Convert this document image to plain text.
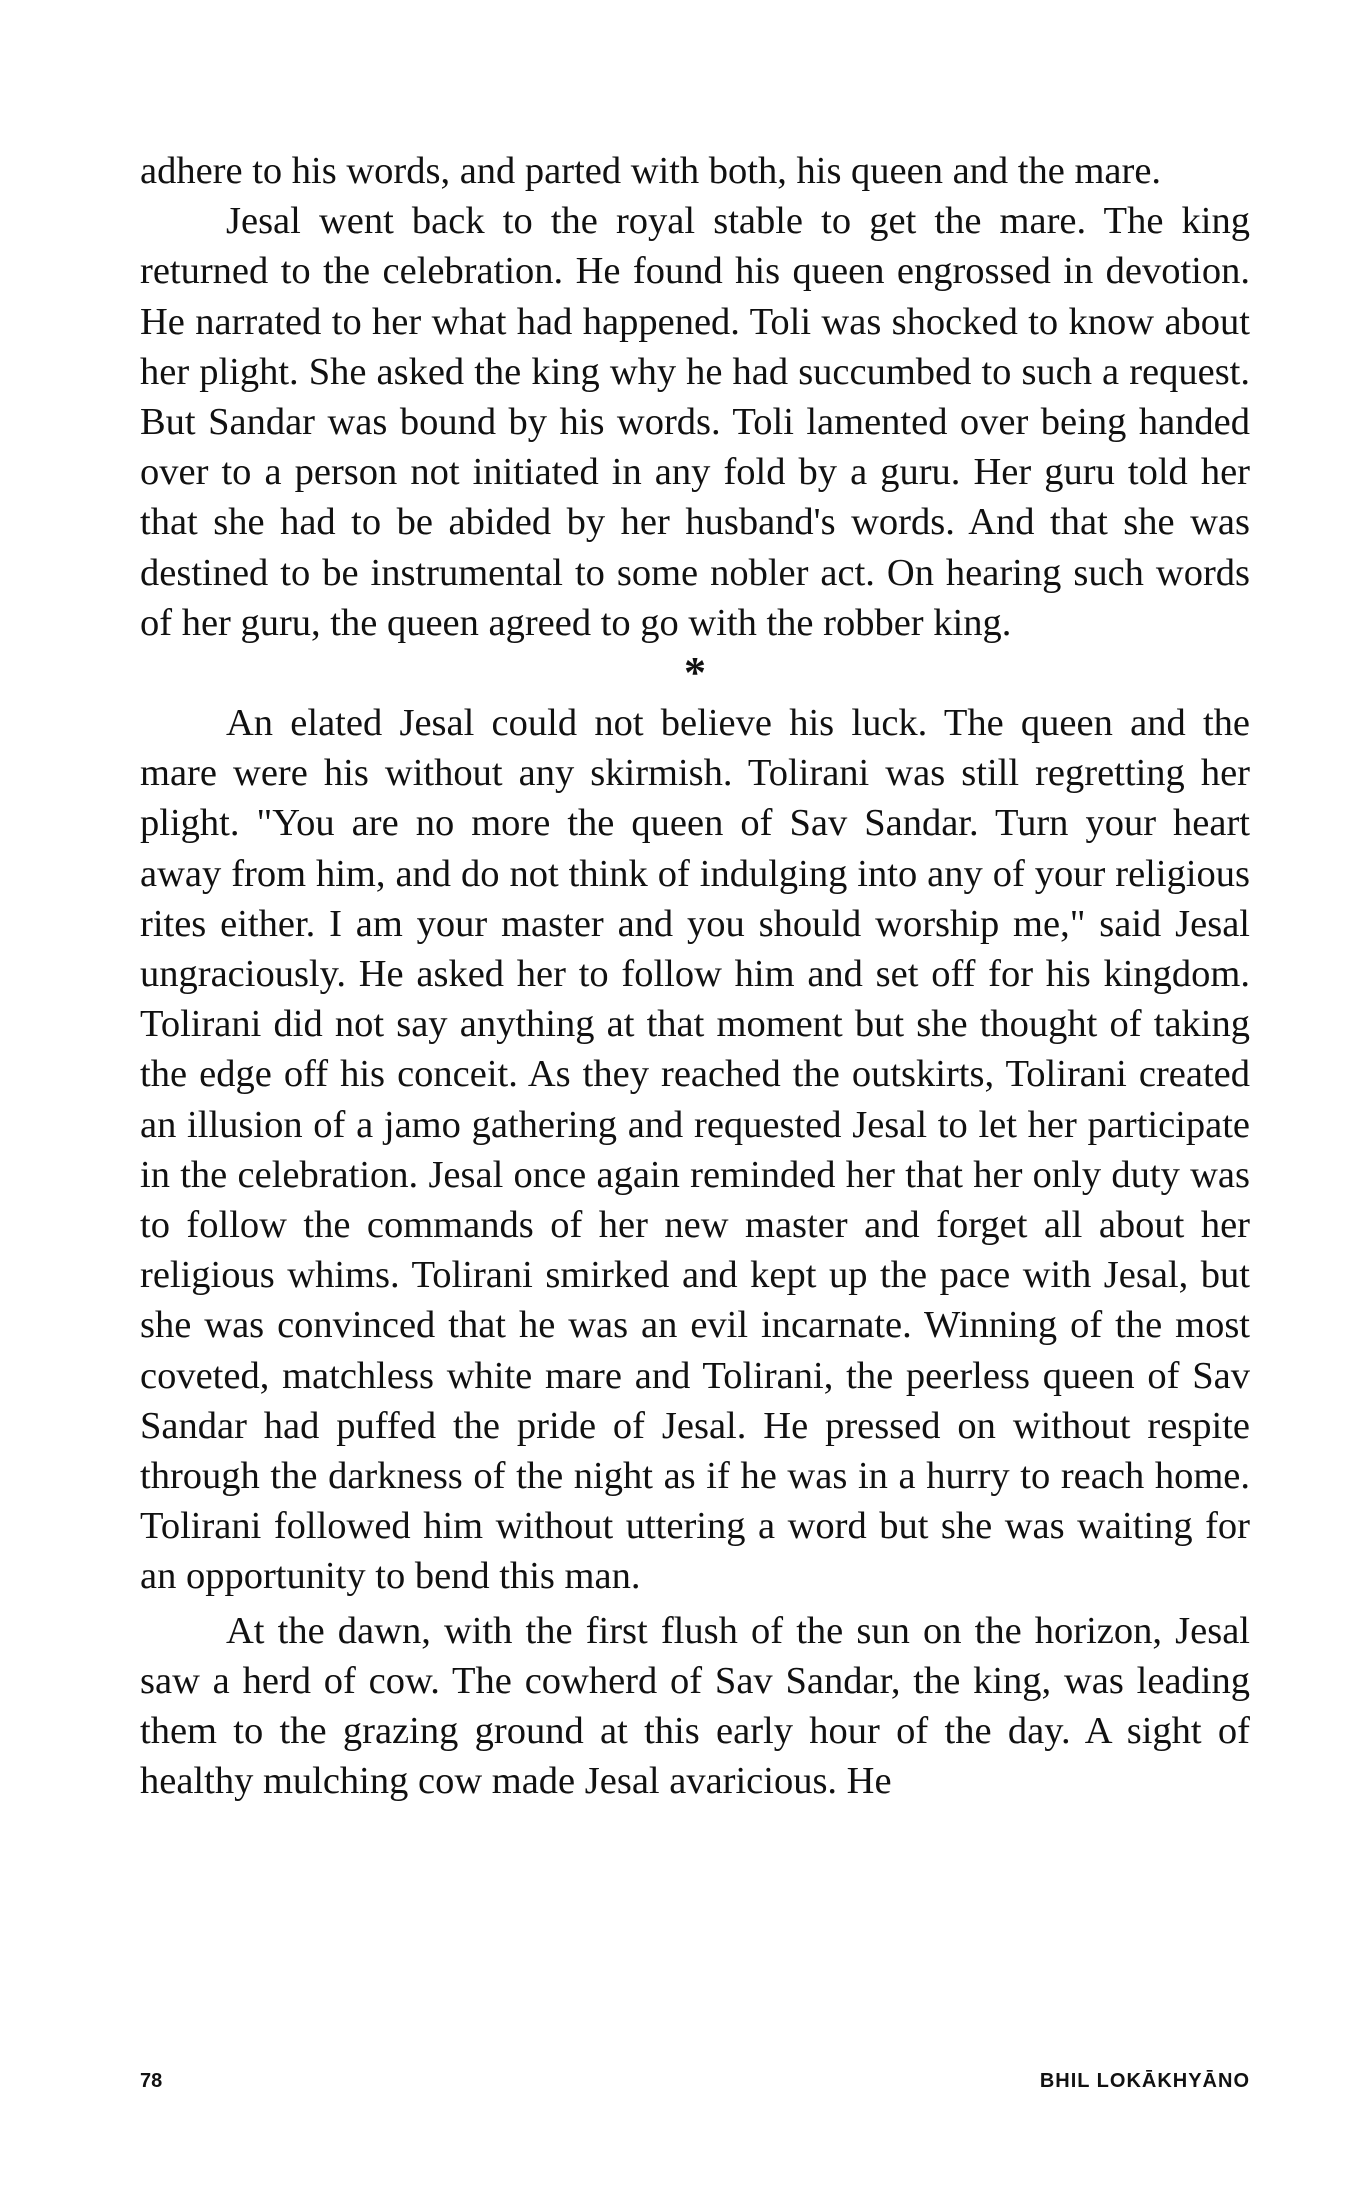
adhere to his words, and parted with both, his queen and the mare.

Jesal went back to the royal stable to get the mare. The king returned to the celebration. He found his queen engrossed in devotion. He narrated to her what had happened. Toli was shocked to know about her plight. She asked the king why he had succumbed to such a request. But Sandar was bound by his words. Toli lamented over being handed over to a person not initiated in any fold by a guru. Her guru told her that she had to be abided by her husband's words. And that she was destined to be instrumental to some nobler act. On hearing such words of her guru, the queen agreed to go with the robber king.

*

An elated Jesal could not believe his luck. The queen and the mare were his without any skirmish. Tolirani was still regretting her plight. "You are no more the queen of Sav Sandar. Turn your heart away from him, and do not think of indulging into any of your religious rites either. I am your master and you should worship me," said Jesal ungraciously. He asked her to follow him and set off for his kingdom. Tolirani did not say anything at that moment but she thought of taking the edge off his conceit. As they reached the outskirts, Tolirani created an illusion of a jamo gathering and requested Jesal to let her participate in the celebration. Jesal once again reminded her that her only duty was to follow the commands of her new master and forget all about her religious whims. Tolirani smirked and kept up the pace with Jesal, but she was convinced that he was an evil incarnate. Winning of the most coveted, matchless white mare and Tolirani, the peerless queen of Sav Sandar had puffed the pride of Jesal. He pressed on without respite through the darkness of the night as if he was in a hurry to reach home. Tolirani followed him without uttering a word but she was waiting for an opportunity to bend this man.

At the dawn, with the first flush of the sun on the horizon, Jesal saw a herd of cow. The cowherd of Sav Sandar, the king, was leading them to the grazing ground at this early hour of the day. A sight of healthy mulching cow made Jesal avaricious. He

78	BHIL LOKĀKHYĀNO
